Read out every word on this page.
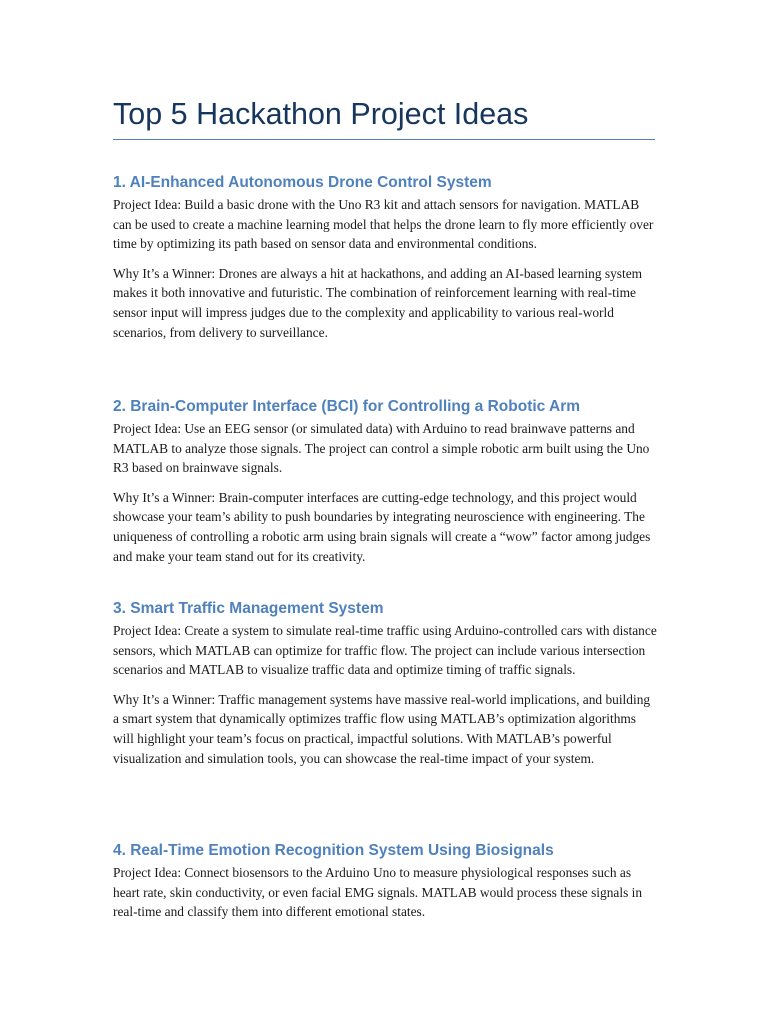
Top 5 Hackathon Project Ideas
1. AI-Enhanced Autonomous Drone Control System

Project Idea: Build a basic drone with the Uno R3 kit and attach sensors for navigation. MATLAB can be used to create a machine learning model that helps the drone learn to fly more efficiently over time by optimizing its path based on sensor data and environmental conditions.

Why It’s a Winner: Drones are always a hit at hackathons, and adding an AI-based learning system makes it both innovative and futuristic. The combination of reinforcement learning with real-time sensor input will impress judges due to the complexity and applicability to various real-world scenarios, from delivery to surveillance.

2. Brain-Computer Interface (BCI) for Controlling a Robotic Arm

Project Idea: Use an EEG sensor (or simulated data) with Arduino to read brainwave patterns and MATLAB to analyze those signals. The project can control a simple robotic arm built using the Uno R3 based on brainwave signals.

Why It’s a Winner: Brain-computer interfaces are cutting-edge technology, and this project would showcase your team’s ability to push boundaries by integrating neuroscience with engineering. The uniqueness of controlling a robotic arm using brain signals will create a “wow” factor among judges and make your team stand out for its creativity.

3. Smart Traffic Management System

Project Idea: Create a system to simulate real-time traffic using Arduino-controlled cars with distance sensors, which MATLAB can optimize for traffic flow. The project can include various intersection scenarios and MATLAB to visualize traffic data and optimize timing of traffic signals.

Why It’s a Winner: Traffic management systems have massive real-world implications, and building a smart system that dynamically optimizes traffic flow using MATLAB’s optimization algorithms will highlight your team’s focus on practical, impactful solutions. With MATLAB’s powerful visualization and simulation tools, you can showcase the real-time impact of your system.

4. Real-Time Emotion Recognition System Using Biosignals

Project Idea: Connect biosensors to the Arduino Uno to measure physiological responses such as heart rate, skin conductivity, or even facial EMG signals. MATLAB would process these signals in real-time and classify them into different emotional states.
